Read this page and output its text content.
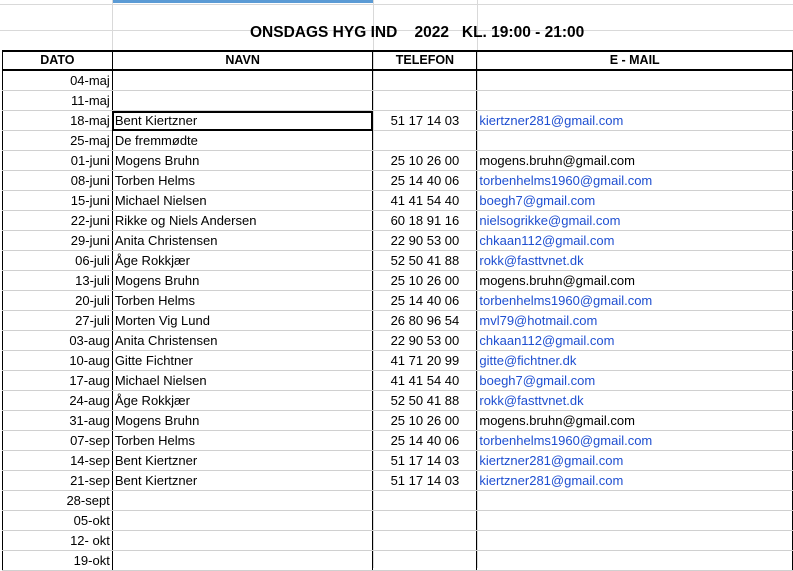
ONSDAGS HYG IND    2022   KL. 19:00 - 21:00

DATO	NAVN	TELEFON	E - MAIL
04-maj			
11-maj			
18-maj	Bent Kiertzner	51 17 14 03	kiertzner281@gmail.com
25-maj	De fremmødte		
01-juni	Mogens Bruhn	25 10 26 00	mogens.bruhn@gmail.com
08-juni	Torben Helms	25 14 40 06	torbenhelms1960@gmail.com
15-juni	Michael Nielsen	41 41 54 40	boegh7@gmail.com
22-juni	Rikke og Niels Andersen	60 18 91 16	nielsogrikke@gmail.com
29-juni	Anita Christensen	22 90 53 00	chkaan112@gmail.com
06-juli	Åge Rokkjær	52 50 41 88	rokk@fasttvnet.dk
13-juli	Mogens Bruhn	25 10 26 00	mogens.bruhn@gmail.com
20-juli	Torben Helms	25 14 40 06	torbenhelms1960@gmail.com
27-juli	Morten Vig Lund	26 80 96 54	mvl79@hotmail.com
03-aug	Anita Christensen	22 90 53 00	chkaan112@gmail.com
10-aug	Gitte Fichtner	41 71 20 99	gitte@fichtner.dk
17-aug	Michael Nielsen	41 41 54 40	boegh7@gmail.com
24-aug	Åge Rokkjær	52 50 41 88	rokk@fasttvnet.dk
31-aug	Mogens Bruhn	25 10 26 00	mogens.bruhn@gmail.com
07-sep	Torben Helms	25 14 40 06	torbenhelms1960@gmail.com
14-sep	Bent Kiertzner	51 17 14 03	kiertzner281@gmail.com
21-sep	Bent Kiertzner	51 17 14 03	kiertzner281@gmail.com
28-sept			
05-okt			
12- okt			
19-okt			
